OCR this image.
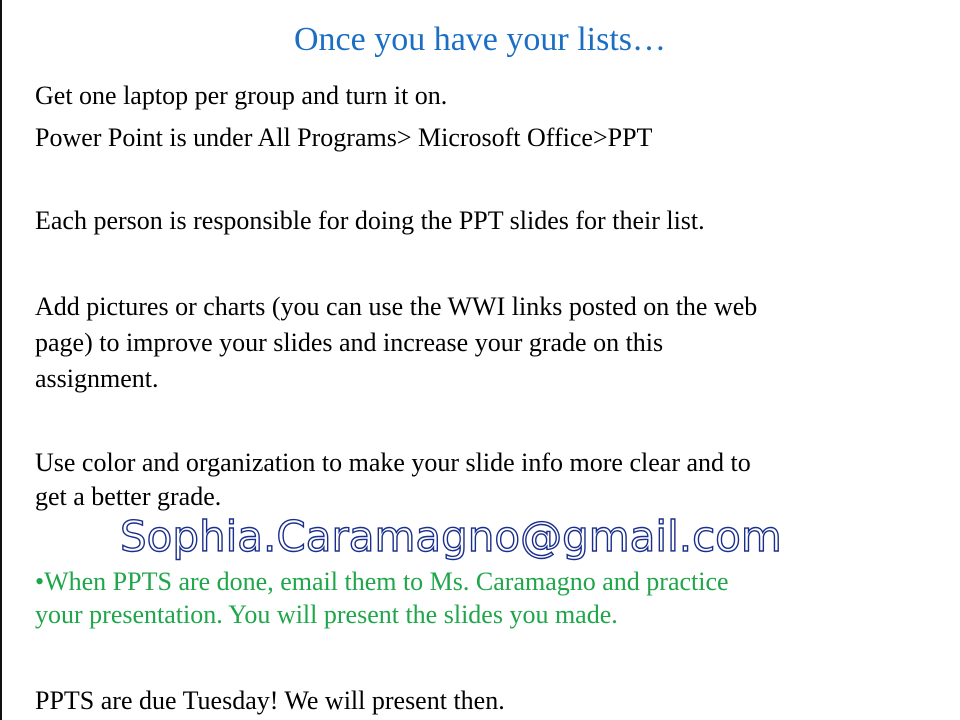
Once you have your lists…
Get one laptop per group and turn it on.
Power Point is under All Programs> Microsoft Office>PPT
Each person is responsible for doing the PPT slides for their list.
Add pictures or charts (you can use the WWI links posted on the web
page) to improve your slides and increase your grade on this
assignment.
Use color and organization to make your slide info more clear and to
get a better grade.
Sophia.Caramagno@gmail.com
•When PPTS are done, email them to Ms. Caramagno and practice
your presentation. You will present the slides you made.
PPTS are due Tuesday! We will present then.
